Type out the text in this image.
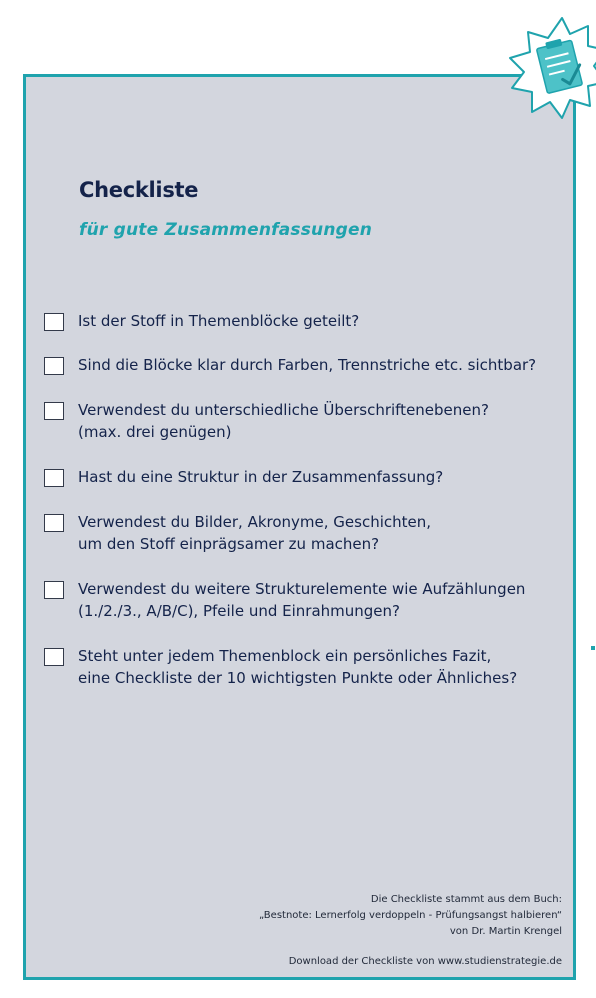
Checkliste
für gute Zusammenfassungen
Ist der Stoff in Themenblöcke geteilt?
Sind die Blöcke klar durch Farben, Trennstriche etc. sichtbar?
Verwendest du unterschiedliche Überschriftenebenen?
(max. drei genügen)
Hast du eine Struktur in der Zusammenfassung?
Verwendest du Bilder, Akronyme, Geschichten,
um den Stoff einprägsamer zu machen?
Verwendest du weitere Strukturelemente wie Aufzählungen
(1./2./3., A/B/C), Pfeile und Einrahmungen?
Steht unter jedem Themenblock ein persönliches Fazit,
eine Checkliste der 10 wichtigsten Punkte oder Ähnliches?
Die Checkliste stammt aus dem Buch:
„Bestnote: Lernerfolg verdoppeln - Prüfungsangst halbieren“
von Dr. Martin Krengel
Download der Checkliste von www.studienstrategie.de
